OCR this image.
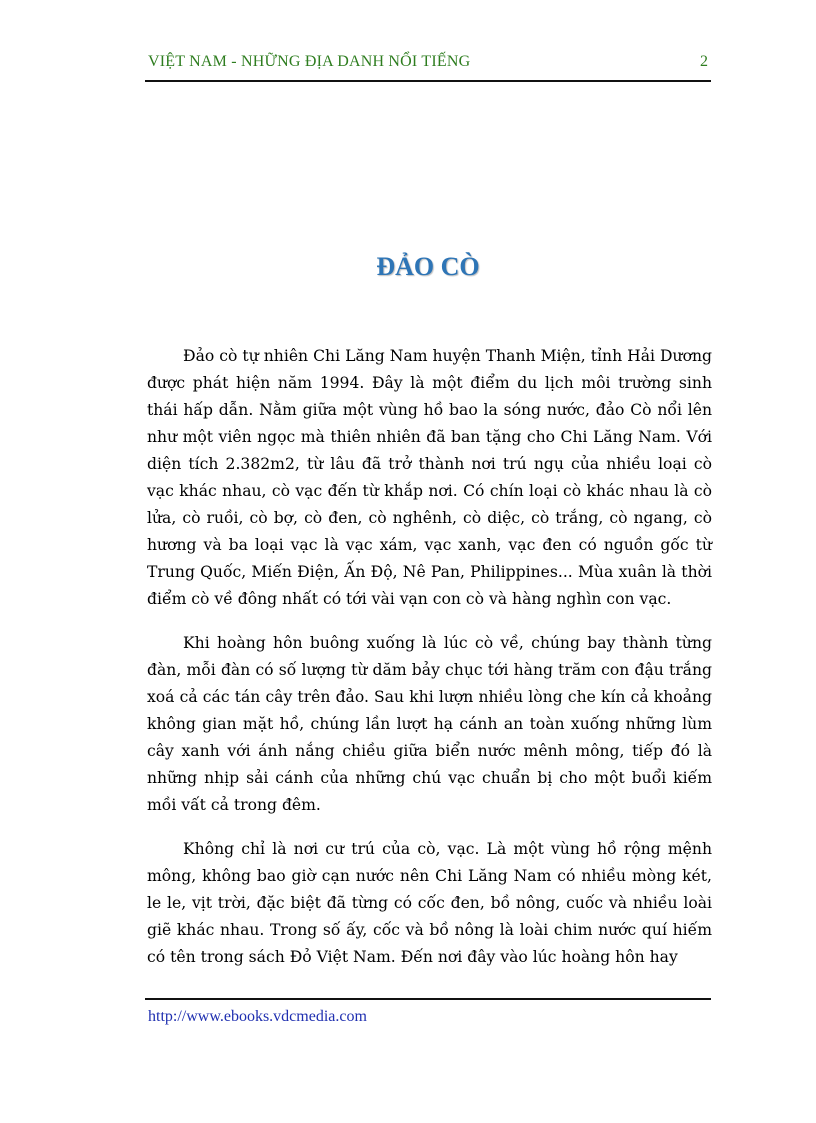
VIỆT NAM - NHỮNG ĐỊA DANH NỔI TIẾNG	2
ĐẢO CÒ

Đảo cò tự nhiên Chi Lăng Nam huyện Thanh Miện, tỉnh Hải Dương được phát hiện năm 1994. Đây là một điểm du lịch môi trường sinh thái hấp dẫn. Nằm giữa một vùng hồ bao la sóng nước, đảo Cò nổi lên như một viên ngọc mà thiên nhiên đã ban tặng cho Chi Lăng Nam. Với diện tích 2.382m2, từ lâu đã trở thành nơi trú ngụ của nhiều loại cò vạc khác nhau, cò vạc đến từ khắp nơi. Có chín loại cò khác nhau là cò lửa, cò ruồi, cò bợ, cò đen, cò nghênh, cò diệc, cò trắng, cò ngang, cò hương và ba loại vạc là vạc xám, vạc xanh, vạc đen có nguồn gốc từ Trung Quốc, Miến Điện, Ấn Độ, Nê Pan, Philippines... Mùa xuân là thời điểm cò về đông nhất có tới vài vạn con cò và hàng nghìn con vạc.

Khi hoàng hôn buông xuống là lúc cò về, chúng bay thành từng đàn, mỗi đàn có số lượng từ dăm bảy chục tới hàng trăm con đậu trắng xoá cả các tán cây trên đảo. Sau khi lượn nhiều lòng che kín cả khoảng không gian mặt hồ, chúng lần lượt hạ cánh an toàn xuống những lùm cây xanh với ánh nắng chiều giữa biển nước mênh mông, tiếp đó là những nhịp sải cánh của những chú vạc chuẩn bị cho một buổi kiếm mồi vất cả trong đêm.

Không chỉ là nơi cư trú của cò, vạc. Là một vùng hồ rộng mệnh mông, không bao giờ cạn nước nên Chi Lăng Nam có nhiều mòng két, le le, vịt trời, đặc biệt đã từng có cốc đen, bồ nông, cuốc và nhiều loài giẽ khác nhau. Trong số ấy, cốc và bồ nông là loài chim nước quí hiếm có tên trong sách Đỏ Việt Nam. Đến nơi đây vào lúc hoàng hôn hay

http://www.ebooks.vdcmedia.com
